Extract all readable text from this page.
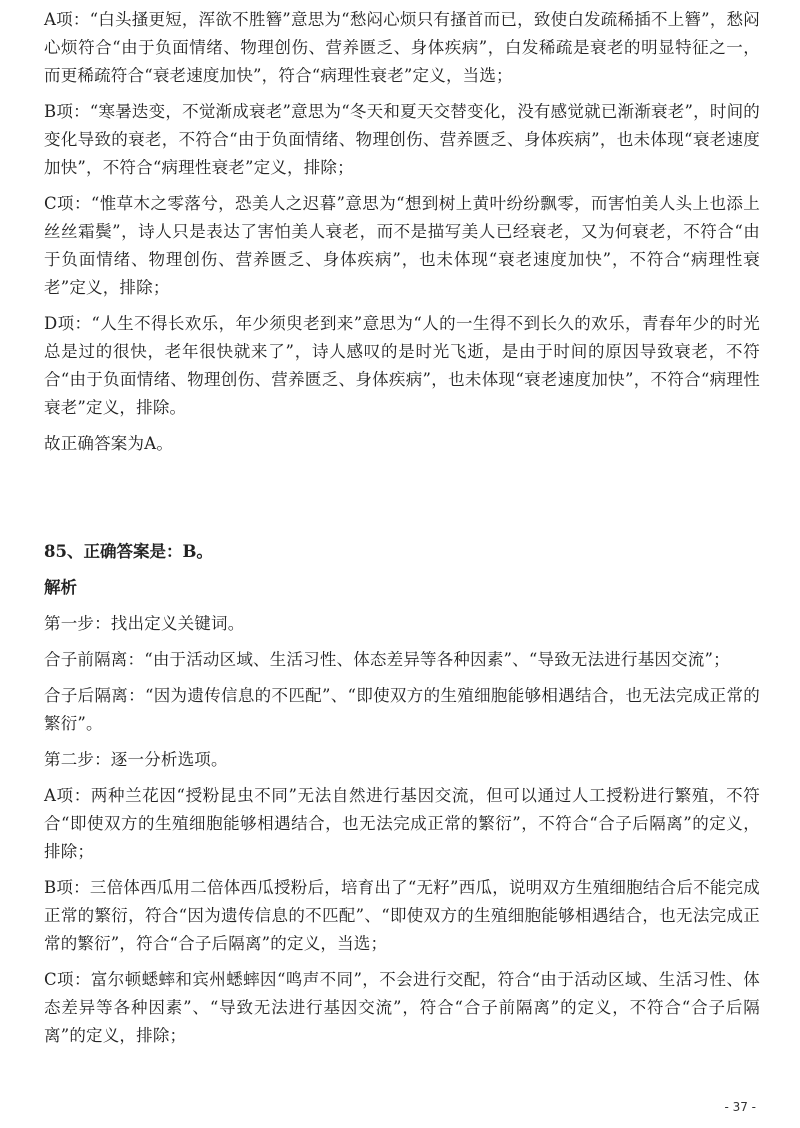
A项：“白头搔更短，浑欲不胜簪”意思为“愁闷心烦只有搔首而已，致使白发疏稀插不上簪”，愁闷心烦符合“由于负面情绪、物理创伤、营养匮乏、身体疾病”，白发稀疏是衰老的明显特征之一，而更稀疏符合“衰老速度加快”，符合“病理性衰老”定义，当选；

B项：“寒暑迭变，不觉渐成衰老”意思为“冬天和夏天交替变化，没有感觉就已渐渐衰老”，时间的变化导致的衰老，不符合“由于负面情绪、物理创伤、营养匮乏、身体疾病”，也未体现“衰老速度加快”，不符合“病理性衰老”定义，排除；

C项：“惟草木之零落兮，恐美人之迟暮”意思为“想到树上黄叶纷纷飘零，而害怕美人头上也添上丝丝霜鬓”，诗人只是表达了害怕美人衰老，而不是描写美人已经衰老，又为何衰老，不符合“由于负面情绪、物理创伤、营养匮乏、身体疾病”，也未体现“衰老速度加快”，不符合“病理性衰老”定义，排除；

D项：“人生不得长欢乐，年少须臾老到来”意思为“人的一生得不到长久的欢乐，青春年少的时光总是过的很快，老年很快就来了”，诗人感叹的是时光飞逝，是由于时间的原因导致衰老，不符合“由于负面情绪、物理创伤、营养匮乏、身体疾病”，也未体现“衰老速度加快”，不符合“病理性衰老”定义，排除。

故正确答案为A。

85、正确答案是：B。

解析

第一步：找出定义关键词。

合子前隔离：“由于活动区域、生活习性、体态差异等各种因素”、“导致无法进行基因交流”；

合子后隔离：“因为遗传信息的不匹配”、“即使双方的生殖细胞能够相遇结合，也无法完成正常的繁衍”。

第二步：逐一分析选项。

A项：两种兰花因“授粉昆虫不同”无法自然进行基因交流，但可以通过人工授粉进行繁殖，不符合“即使双方的生殖细胞能够相遇结合，也无法完成正常的繁衍”，不符合“合子后隔离”的定义，排除；

B项：三倍体西瓜用二倍体西瓜授粉后，培育出了“无籽”西瓜，说明双方生殖细胞结合后不能完成正常的繁衍，符合“因为遗传信息的不匹配”、“即使双方的生殖细胞能够相遇结合，也无法完成正常的繁衍”，符合“合子后隔离”的定义，当选；

C项：富尔顿蟋蟀和宾州蟋蟀因“鸣声不同”，不会进行交配，符合“由于活动区域、生活习性、体态差异等各种因素”、“导致无法进行基因交流”，符合“合子前隔离”的定义，不符合“合子后隔离”的定义，排除；

- 37 -
